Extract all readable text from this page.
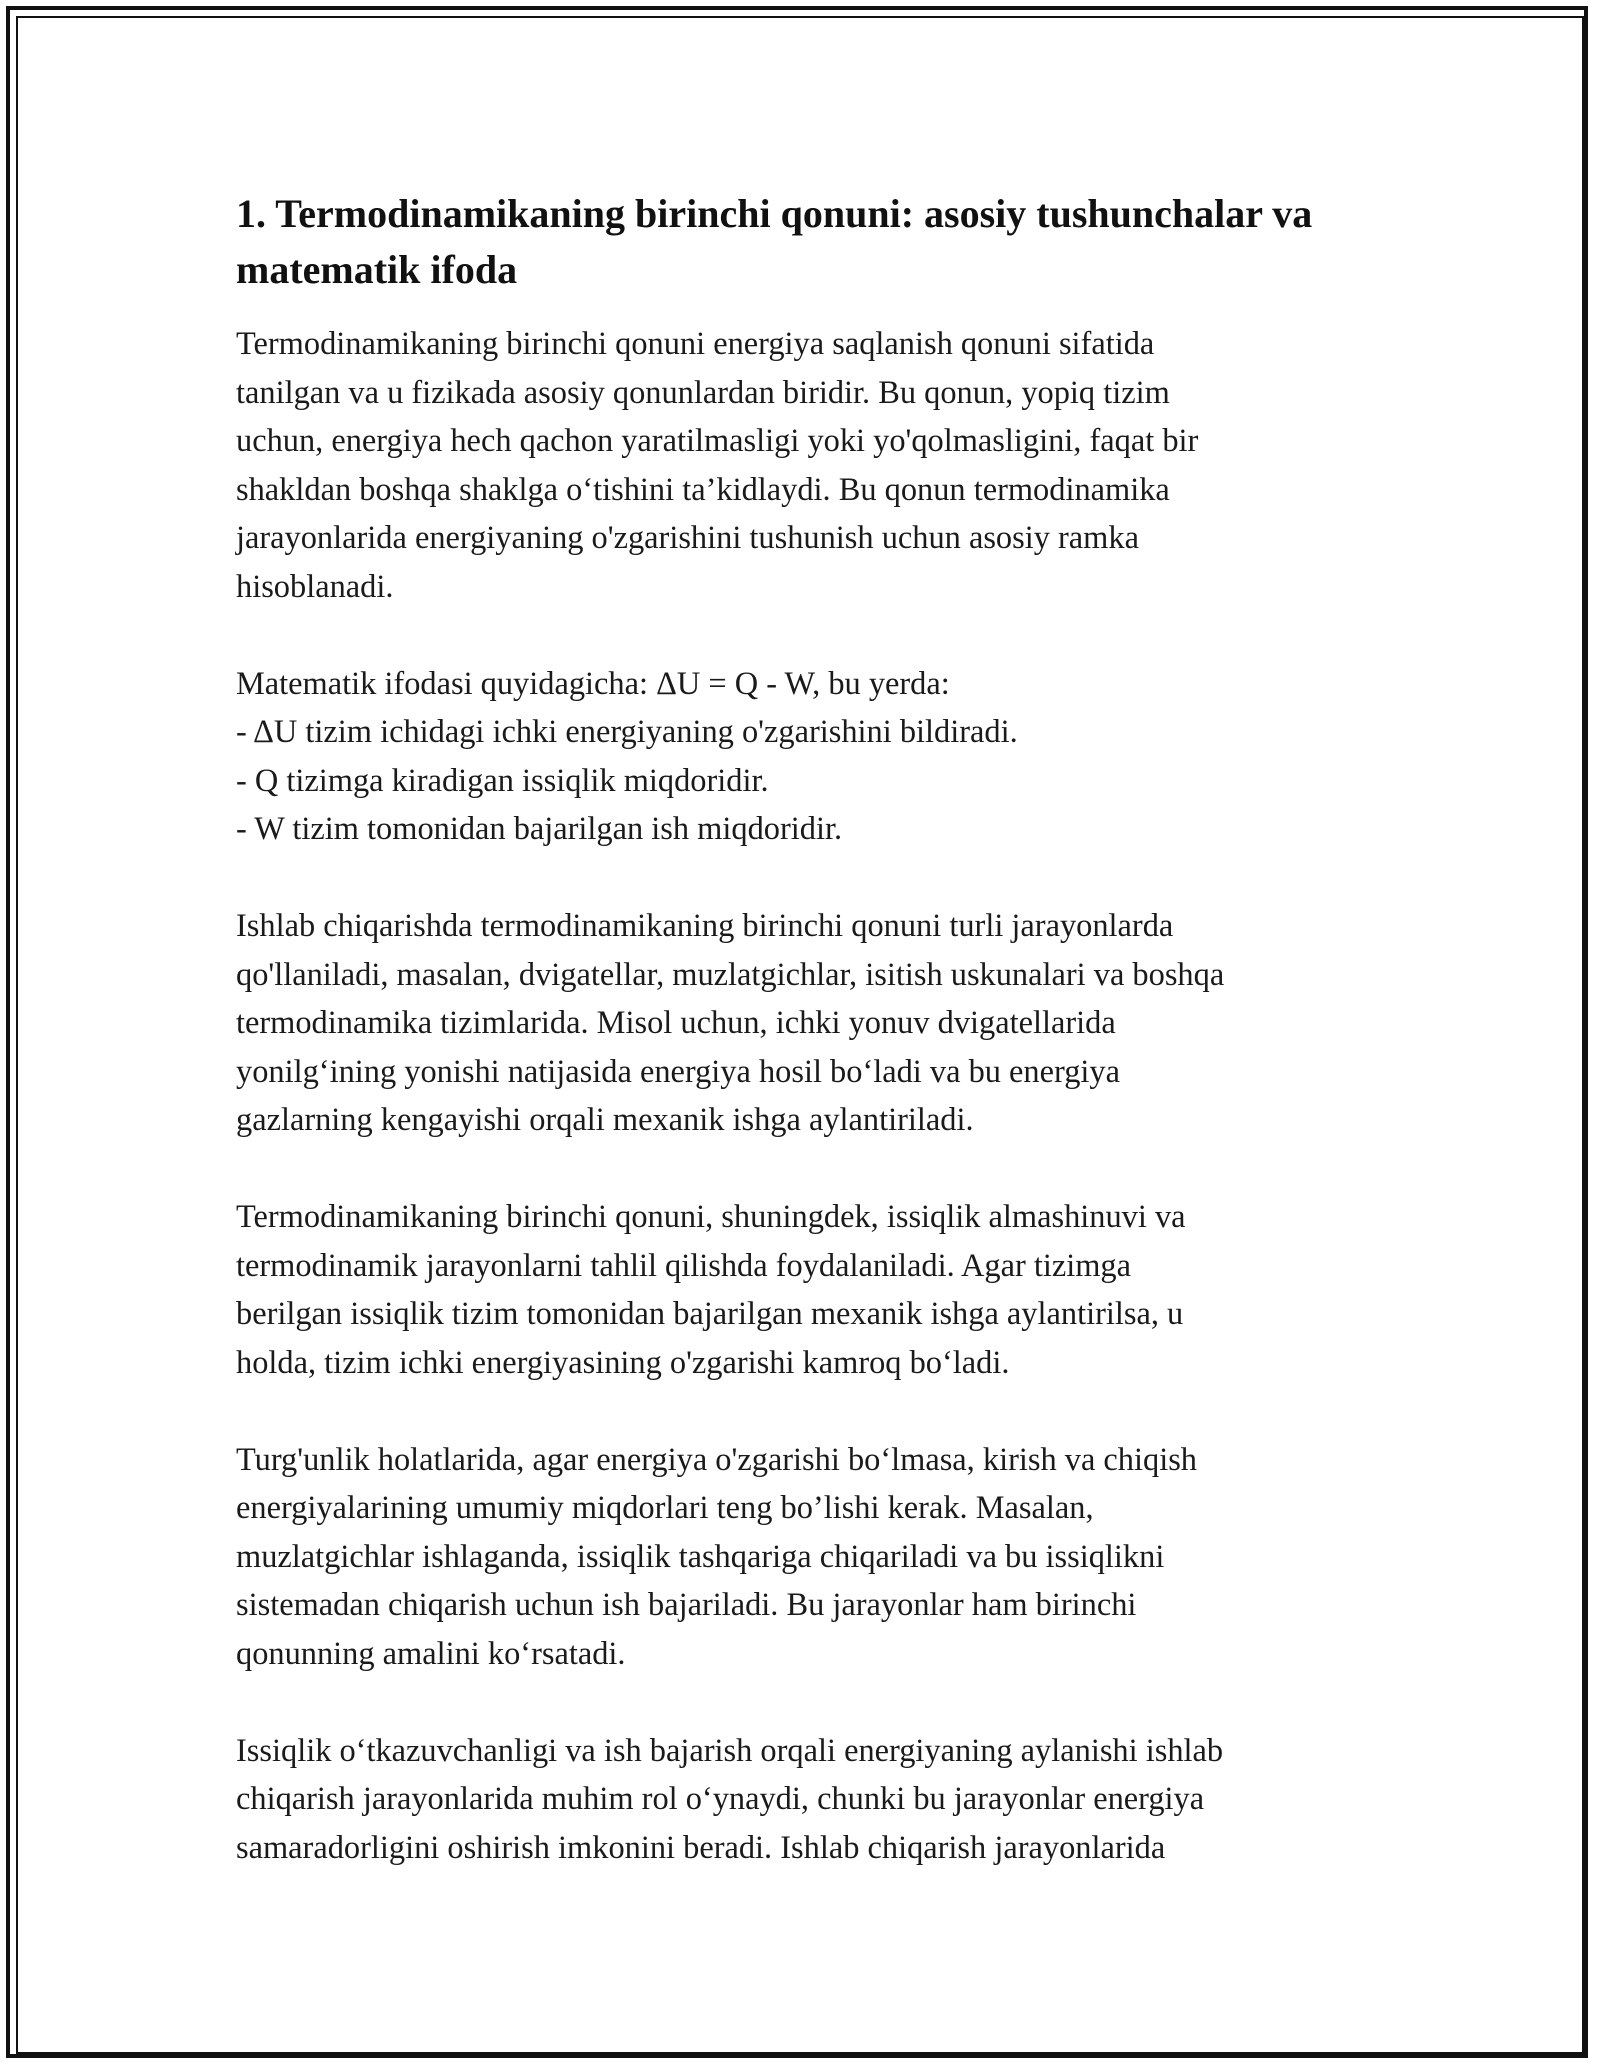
1. Termodinamikaning birinchi qonuni: asosiy tushunchalar va matematik ifoda

Termodinamikaning birinchi qonuni energiya saqlanish qonuni sifatida
tanilgan va u fizikada asosiy qonunlardan biridir. Bu qonun, yopiq tizim
uchun, energiya hech qachon yaratilmasligi yoki yo'qolmasligini, faqat bir
shakldan boshqa shaklga o‘tishini ta’kidlaydi. Bu qonun termodinamika
jarayonlarida energiyaning o'zgarishini tushunish uchun asosiy ramka
hisoblanadi.

Matematik ifodasi quyidagicha: ΔU = Q - W, bu yerda:
- ΔU tizim ichidagi ichki energiyaning o'zgarishini bildiradi.
- Q tizimga kiradigan issiqlik miqdoridir.
- W tizim tomonidan bajarilgan ish miqdoridir.

Ishlab chiqarishda termodinamikaning birinchi qonuni turli jarayonlarda
qo'llaniladi, masalan, dvigatellar, muzlatgichlar, isitish uskunalari va boshqa
termodinamika tizimlarida. Misol uchun, ichki yonuv dvigatellarida
yonilg‘ining yonishi natijasida energiya hosil bo‘ladi va bu energiya
gazlarning kengayishi orqali mexanik ishga aylantiriladi.

Termodinamikaning birinchi qonuni, shuningdek, issiqlik almashinuvi va
termodinamik jarayonlarni tahlil qilishda foydalaniladi. Agar tizimga
berilgan issiqlik tizim tomonidan bajarilgan mexanik ishga aylantirilsa, u
holda, tizim ichki energiyasining o'zgarishi kamroq bo‘ladi.

Turg'unlik holatlarida, agar energiya o'zgarishi bo‘lmasa, kirish va chiqish
energiyalarining umumiy miqdorlari teng bo’lishi kerak. Masalan,
muzlatgichlar ishlaganda, issiqlik tashqariga chiqariladi va bu issiqlikni
sistemadan chiqarish uchun ish bajariladi. Bu jarayonlar ham birinchi
qonunning amalini ko‘rsatadi.

Issiqlik o‘tkazuvchanligi va ish bajarish orqali energiyaning aylanishi ishlab
chiqarish jarayonlarida muhim rol o‘ynaydi, chunki bu jarayonlar energiya
samaradorligini oshirish imkonini beradi. Ishlab chiqarish jarayonlarida
